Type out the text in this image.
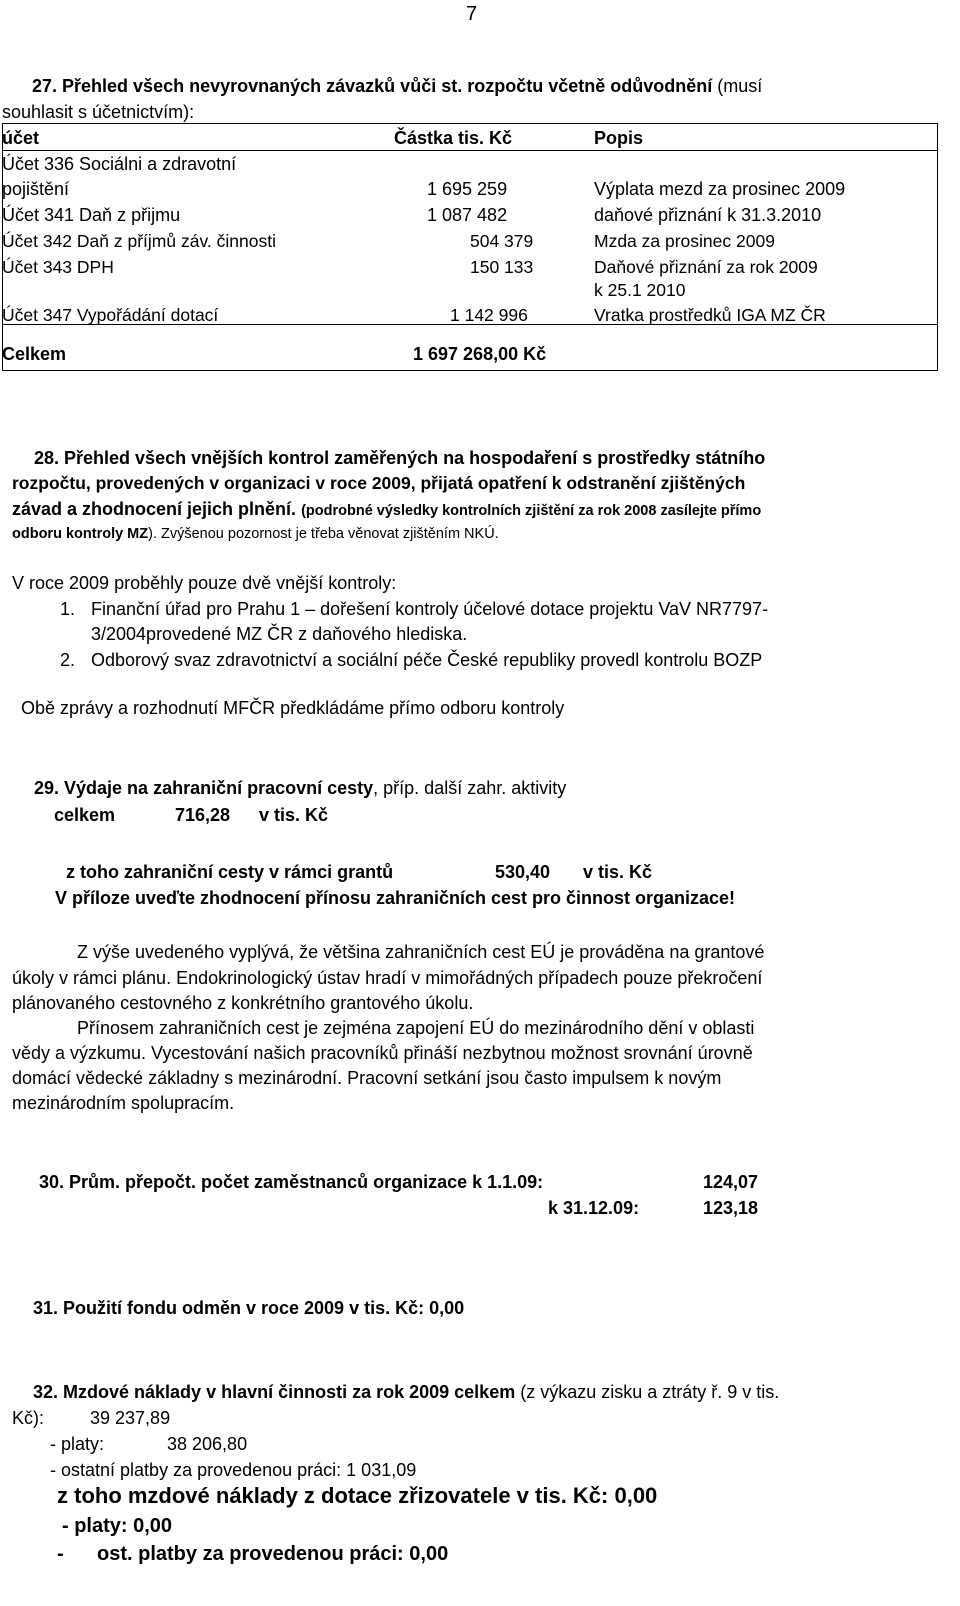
7
27. Přehled všech nevyrovnaných závazků vůči st. rozpočtu včetně odůvodnění (musí
souhlasit s účetnictvím):
účet	Částka tis. Kč	Popis
Účet 336 Sociálni a zdravotní
pojištění	1 695 259	Výplata mezd za prosinec 2009
Účet 341 Daň z přijmu	1 087 482	daňové přiznání k 31.3.2010
Účet 342 Daň z příjmů záv. činnosti	504 379	Mzda za prosinec 2009
Účet 343 DPH	150 133	Daňové přiznání za rok 2009
k 25.1 2010
Účet 347 Vypořádání dotací	1 142 996	Vratka prostředků IGA MZ ČR
Celkem	1 697 268,00 Kč
28. Přehled všech vnějších kontrol zaměřených na hospodaření s prostředky státního
rozpočtu, provedených v organizaci v roce 2009, přijatá opatření k odstranění zjištěných
závad a zhodnocení jejich plnění. (podrobné výsledky kontrolních zjištění za rok 2008 zasílejte přímo
odboru kontroly MZ). Zvýšenou pozornost je třeba věnovat zjištěním NKÚ.
V roce 2009 proběhly pouze dvě vnější kontroly:
1. Finanční úřad pro Prahu 1 – dořešení kontroly účelové dotace projektu VaV NR7797-
3/2004provedené MZ ČR z daňového hlediska.
2. Odborový svaz zdravotnictví a sociální péče České republiky provedl kontrolu BOZP
Obě zprávy a rozhodnutí MFČR předkládáme přímo odboru kontroly
29. Výdaje na zahraniční pracovní cesty, příp. další zahr. aktivity
celkem	716,28 v tis. Kč
z toho zahraniční cesty v rámci grantů	530,40 v tis. Kč
V příloze uveďte zhodnocení přínosu zahraničních cest pro činnost organizace!
Z výše uvedeného vyplývá, že většina zahraničních cest EÚ je prováděna na grantové
úkoly v rámci plánu. Endokrinologický ústav hradí v mimořádných případech pouze překročení
plánovaného cestovného z konkrétního grantového úkolu.
Přínosem zahraničních cest je zejména zapojení EÚ do mezinárodního dění v oblasti
vědy a výzkumu. Vycestování našich pracovníků přináší nezbytnou možnost srovnání úrovně
domácí vědecké základny s mezinárodní. Pracovní setkání jsou často impulsem k novým
mezinárodním spolupracím.
30. Prům. přepočt. počet zaměstnanců organizace k 1.1.09:	124,07
k 31.12.09:	123,18
31. Použití fondu odměn v roce 2009 v tis. Kč: 0,00
32. Mzdové náklady v hlavní činnosti za rok 2009 celkem (z výkazu zisku a ztráty ř. 9 v tis.
Kč):	39 237,89
- platy:	38 206,80
- ostatní platby za provedenou práci: 1 031,09
z toho mzdové náklady z dotace zřizovatele v tis. Kč: 0,00
- platy: 0,00
- ost. platby za provedenou práci: 0,00
